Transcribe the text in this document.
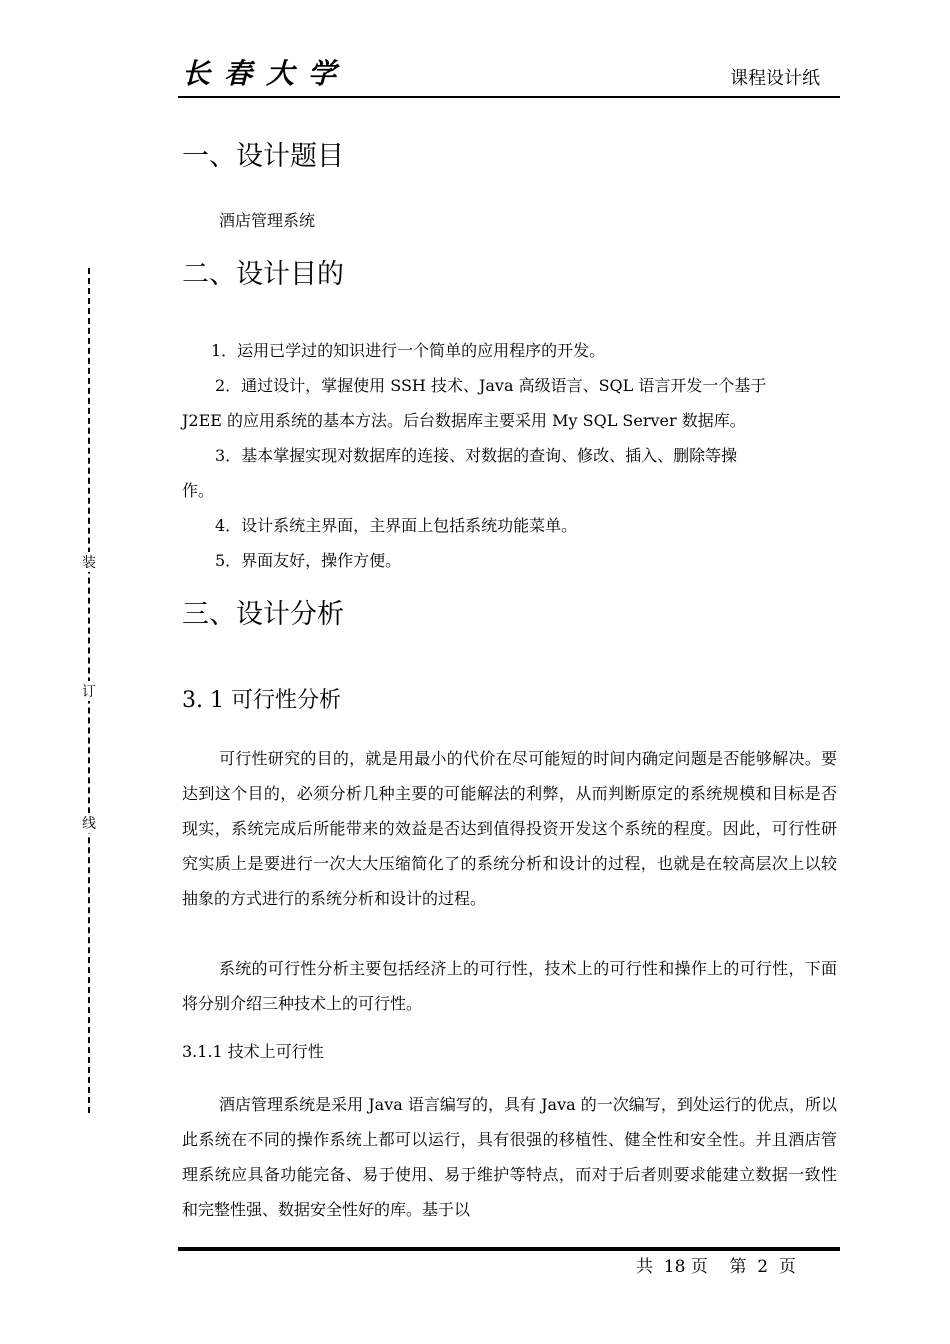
长春大学	课程设计纸
装
订
线
一、设计题目
酒店管理系统
二、设计目的
1．运用已学过的知识进行一个简单的应用程序的开发。
2．通过设计，掌握使用 SSH 技术、Java 高级语言、SQL 语言开发一个基于
J2EE 的应用系统的基本方法。后台数据库主要采用 My SQL Server 数据库。
3．基本掌握实现对数据库的连接、对数据的查询、修改、插入、删除等操
作。
4．设计系统主界面，主界面上包括系统功能菜单。
5．界面友好，操作方便。
三、设计分析
3. 1 可行性分析
可行性研究的目的，就是用最小的代价在尽可能短的时间内确定问题是否能够解决。要达到这个目的，必须分析几种主要的可能解法的利弊，从而判断原定的系统规模和目标是否现实，系统完成后所能带来的效益是否达到值得投资开发这个系统的程度。因此，可行性研究实质上是要进行一次大大压缩简化了的系统分析和设计的过程，也就是在较高层次上以较抽象的方式进行的系统分析和设计的过程。
系统的可行性分析主要包括经济上的可行性，技术上的可行性和操作上的可行性，下面将分别介绍三种技术上的可行性。
3.1.1 技术上可行性
酒店管理系统是采用 Java 语言编写的，具有 Java 的一次编写，到处运行的优点，所以此系统在不同的操作系统上都可以运行，具有很强的移植性、健全性和安全性。并且酒店管理系统应具备功能完备、易于使用、易于维护等特点，而对于后者则要求能建立数据一致性和完整性强、数据安全性好的库。基于以
共  18 页    第  2  页
